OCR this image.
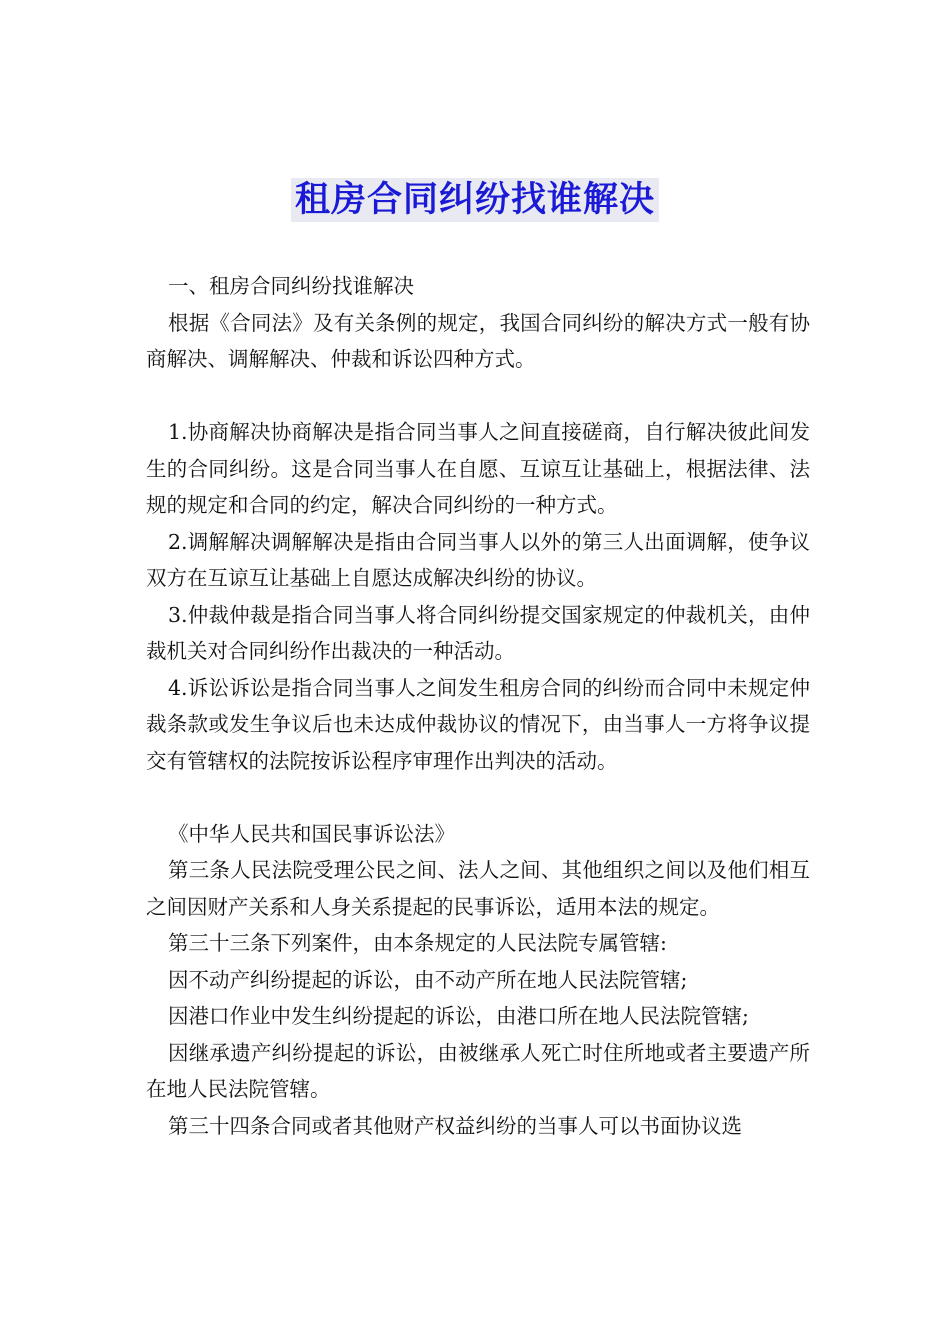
租房合同纠纷找谁解决

一、租房合同纠纷找谁解决

根据《合同法》及有关条例的规定，我国合同纠纷的解决方式一般有协商解决、调解解决、仲裁和诉讼四种方式。

1.协商解决协商解决是指合同当事人之间直接磋商，自行解决彼此间发生的合同纠纷。这是合同当事人在自愿、互谅互让基础上，根据法律、法规的规定和合同的约定，解决合同纠纷的一种方式。

2.调解解决调解解决是指由合同当事人以外的第三人出面调解，使争议双方在互谅互让基础上自愿达成解决纠纷的协议。

3.仲裁仲裁是指合同当事人将合同纠纷提交国家规定的仲裁机关，由仲裁机关对合同纠纷作出裁决的一种活动。

4.诉讼诉讼是指合同当事人之间发生租房合同的纠纷而合同中未规定仲裁条款或发生争议后也未达成仲裁协议的情况下，由当事人一方将争议提交有管辖权的法院按诉讼程序审理作出判决的活动。

《中华人民共和国民事诉讼法》

第三条人民法院受理公民之间、法人之间、其他组织之间以及他们相互之间因财产关系和人身关系提起的民事诉讼，适用本法的规定。

第三十三条下列案件，由本条规定的人民法院专属管辖:

因不动产纠纷提起的诉讼，由不动产所在地人民法院管辖;

因港口作业中发生纠纷提起的诉讼，由港口所在地人民法院管辖;

因继承遗产纠纷提起的诉讼，由被继承人死亡时住所地或者主要遗产所在地人民法院管辖。

第三十四条合同或者其他财产权益纠纷的当事人可以书面协议选
